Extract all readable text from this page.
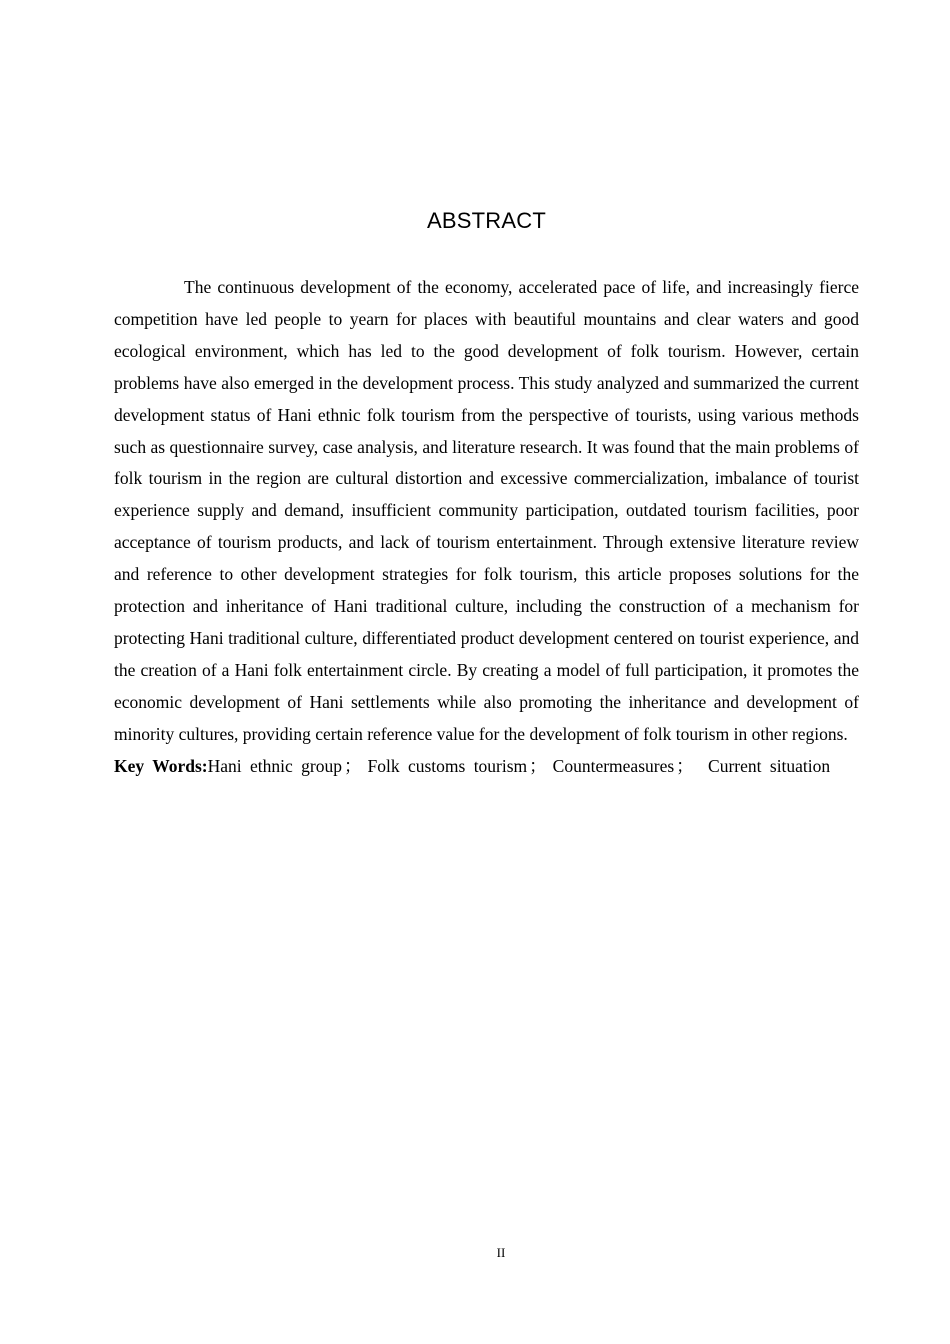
ABSTRACT

The continuous development of the economy, accelerated pace of life, and increasingly fierce competition have led people to yearn for places with beautiful mountains and clear waters and good ecological environment, which has led to the good development of folk tourism. However, certain problems have also emerged in the development process. This study analyzed and summarized the current development status of Hani ethnic folk tourism from the perspective of tourists, using various methods such as questionnaire survey, case analysis, and literature research. It was found that the main problems of folk tourism in the region are cultural distortion and excessive commercialization, imbalance of tourist experience supply and demand, insufficient community participation, outdated tourism facilities, poor acceptance of tourism products, and lack of tourism entertainment. Through extensive literature review and reference to other development strategies for folk tourism, this article proposes solutions for the protection and inheritance of Hani traditional culture, including the construction of a mechanism for protecting Hani traditional culture, differentiated product development centered on tourist experience, and the creation of a Hani folk entertainment circle. By creating a model of full participation, it promotes the economic development of Hani settlements while also promoting the inheritance and development of minority cultures, providing certain reference value for the development of folk tourism in other regions.

Key Words:Hani ethnic group ； Folk customs tourism ； Countermeasures ； Current situation

II
